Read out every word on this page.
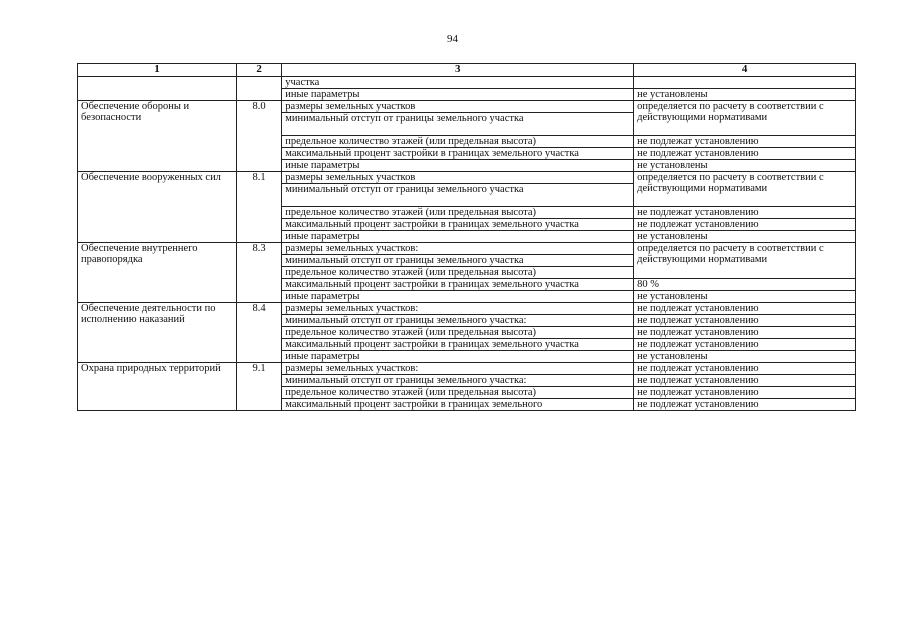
94
1	2	3	4
		участка	
		иные параметры	не установлены
Обеспечение обороны и безопасности	8.0	размеры земельных участков	определяется по расчету в соответствии с действующими нормативами
		минимальный отступ от границы земельного участка	
		предельное количество этажей (или предельная высота)	не подлежат установлению
		максимальный процент застройки в границах земельного участка	не подлежат установлению
		иные параметры	не установлены
Обеспечение вооруженных сил	8.1	размеры земельных участков	определяется по расчету в соответствии с действующими нормативами
		минимальный отступ от границы земельного участка	
		предельное количество этажей (или предельная высота)	не подлежат установлению
		максимальный процент застройки в границах земельного участка	не подлежат установлению
		иные параметры	не установлены
Обеспечение внутреннего правопорядка	8.3	размеры земельных участков:	определяется по расчету в соответствии с действующими нормативами
		минимальный отступ от границы земельного участка	
		предельное количество этажей (или предельная высота)	
		максимальный процент застройки в границах земельного участка	80 %
		иные параметры	не установлены
Обеспечение деятельности по исполнению наказаний	8.4	размеры земельных участков:	не подлежат установлению
		минимальный отступ от границы земельного участка:	не подлежат установлению
		предельное количество этажей (или предельная высота)	не подлежат установлению
		максимальный процент застройки в границах земельного участка	не подлежат установлению
		иные параметры	не установлены
Охрана природных территорий	9.1	размеры земельных участков:	не подлежат установлению
		минимальный отступ от границы земельного участка:	не подлежат установлению
		предельное количество этажей (или предельная высота)	не подлежат установлению
		максимальный процент застройки в границах земельного	не подлежат установлению
